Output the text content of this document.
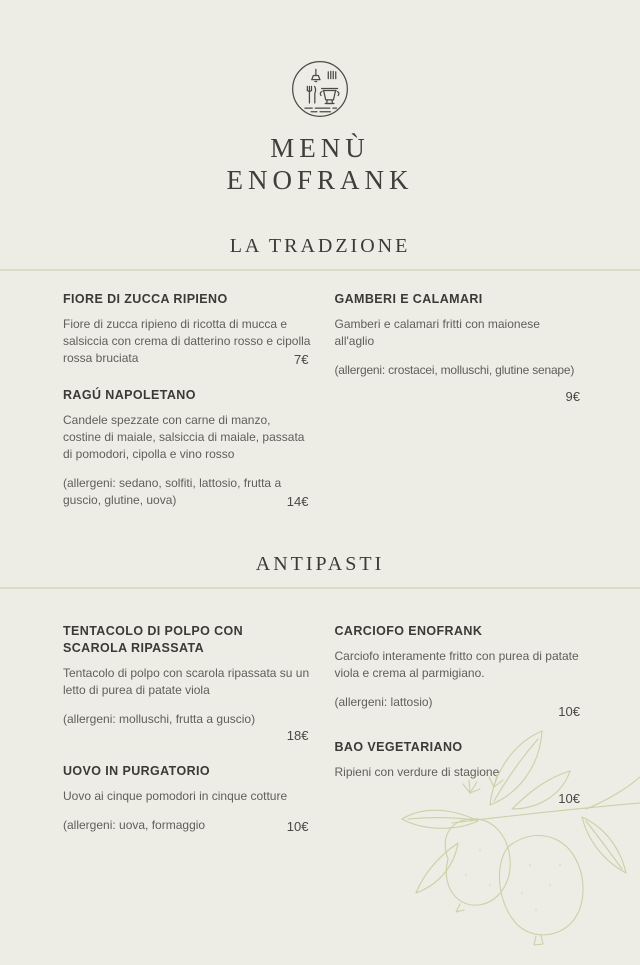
MENÙ
ENOFRANK
LA TRADZIONE
FIORE DI ZUCCA RIPIENO

Fiore di zucca ripieno di ricotta di mucca e salsiccia con crema di datterino rosso e cipolla rossa bruciata	7€
RAGÚ NAPOLETANO

Candele spezzate con carne di manzo, costine di maiale, salsiccia di maiale, passata di pomodori, cipolla e vino rosso

(allergeni: sedano, solfiti, lattosio, frutta a guscio, glutine, uova)	14€
GAMBERI E CALAMARI

Gamberi e calamari fritti con maionese all'aglio

(allergeni: crostacei, molluschi, glutine senape)

9€
ANTIPASTI
TENTACOLO DI POLPO CON SCAROLA RIPASSATA

Tentacolo di polpo con scarola ripassata su un letto di purea di patate viola

(allergeni: molluschi, frutta a guscio)

18€
UOVO IN PURGATORIO

Uovo ai cinque pomodori in cinque cotture

(allergeni: uova, formaggio	10€
CARCIOFO ENOFRANK

Carciofo interamente fritto con purea di patate viola e crema al parmigiano.

(allergeni: lattosio)

10€
BAO VEGETARIANO

Ripieni con verdure di stagione

10€
